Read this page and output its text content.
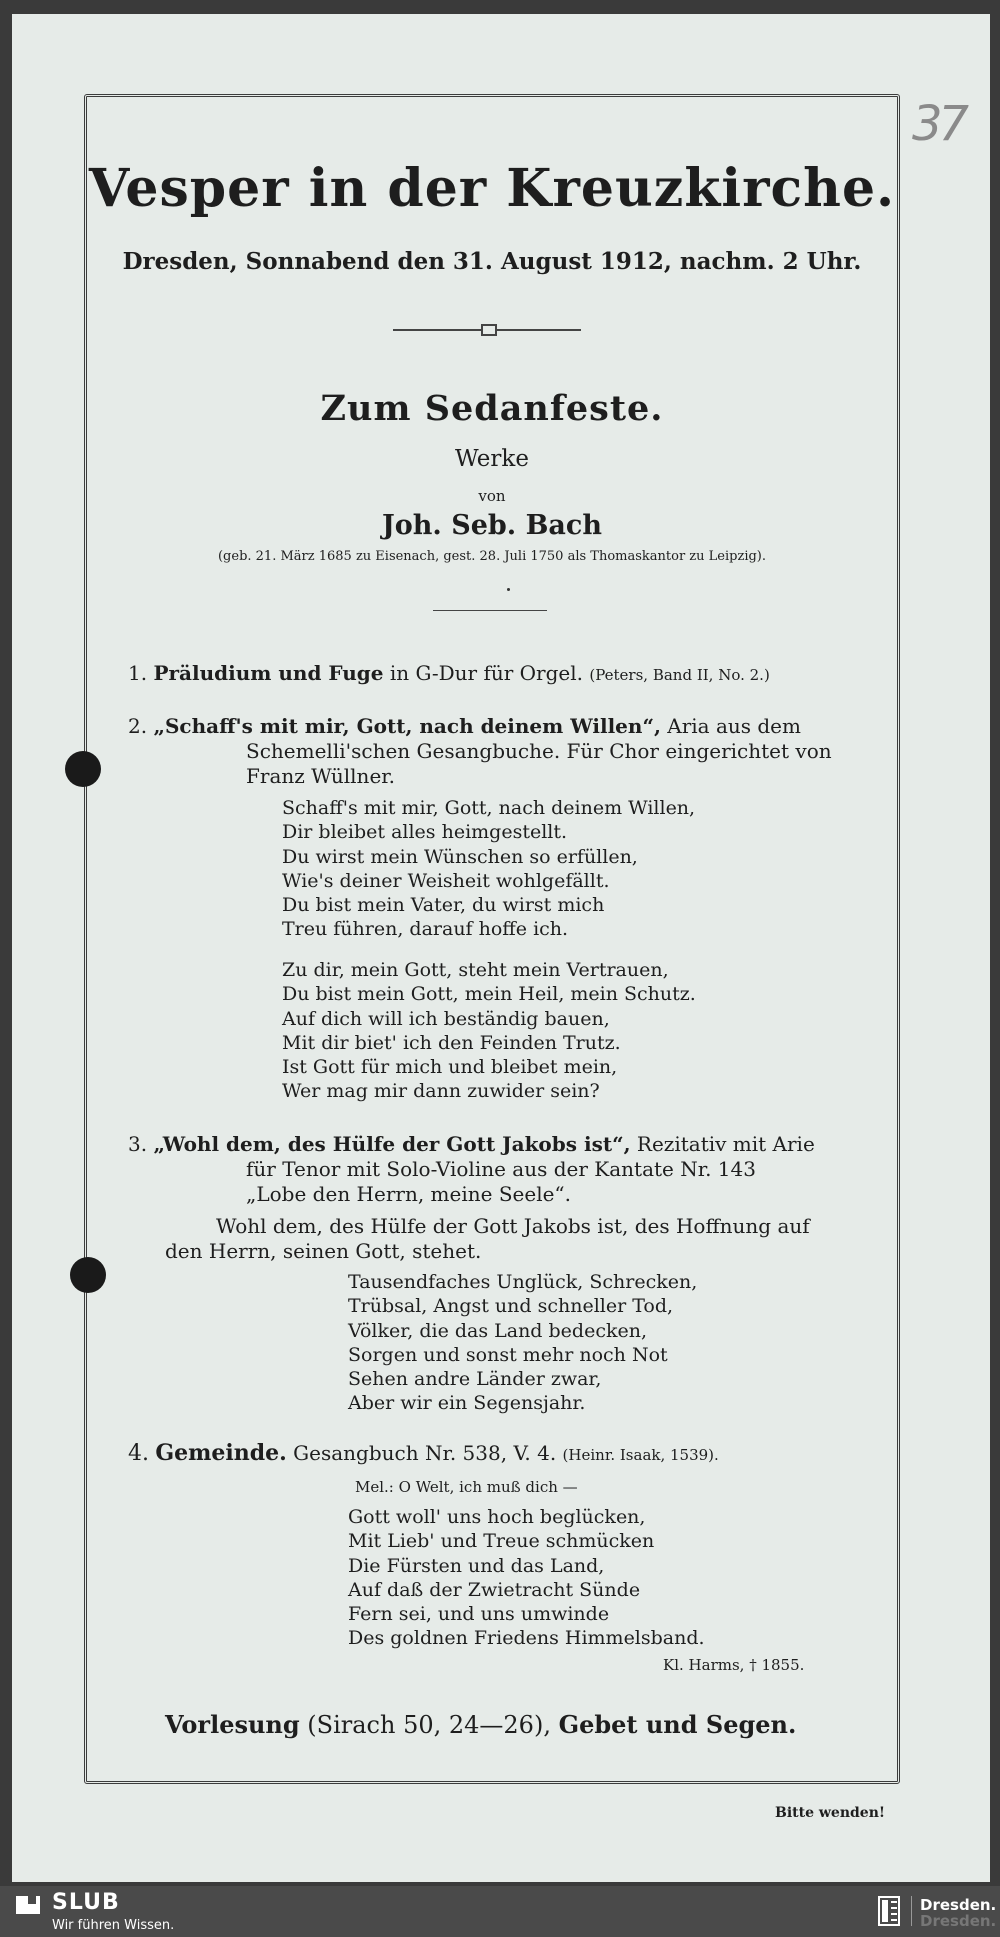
37
Vesper in der Kreuzkirche.
Dresden, Sonnabend den 31. August 1912, nachm. 2 Uhr.
Zum Sedanfeste.
Werke
von
Joh. Seb. Bach
(geb. 21. März 1685 zu Eisenach, gest. 28. Juli 1750 als Thomaskantor zu Leipzig).
1. Präludium und Fuge in G-Dur für Orgel. (Peters, Band II, No. 2.)
2. „Schaff's mit mir, Gott, nach deinem Willen“, Aria aus dem
Schemelli'schen Gesangbuche. Für Chor eingerichtet von
Franz Wüllner.
Schaff's mit mir, Gott, nach deinem Willen,
Dir bleibet alles heimgestellt.
Du wirst mein Wünschen so erfüllen,
Wie's deiner Weisheit wohlgefällt.
Du bist mein Vater, du wirst mich
Treu führen, darauf hoffe ich.
Zu dir, mein Gott, steht mein Vertrauen,
Du bist mein Gott, mein Heil, mein Schutz.
Auf dich will ich beständig bauen,
Mit dir biet' ich den Feinden Trutz.
Ist Gott für mich und bleibet mein,
Wer mag mir dann zuwider sein?
3. „Wohl dem, des Hülfe der Gott Jakobs ist“, Rezitativ mit Arie
für Tenor mit Solo-Violine aus der Kantate Nr. 143
„Lobe den Herrn, meine Seele“.
Wohl dem, des Hülfe der Gott Jakobs ist, des Hoffnung auf
den Herrn, seinen Gott, stehet.
Tausendfaches Unglück, Schrecken,
Trübsal, Angst und schneller Tod,
Völker, die das Land bedecken,
Sorgen und sonst mehr noch Not
Sehen andre Länder zwar,
Aber wir ein Segensjahr.
4. Gemeinde. Gesangbuch Nr. 538, V. 4. (Heinr. Isaak, 1539).
Mel.: O Welt, ich muß dich —
Gott woll' uns hoch beglücken,
Mit Lieb' und Treue schmücken
Die Fürsten und das Land,
Auf daß der Zwietracht Sünde
Fern sei, und uns umwinde
Des goldnen Friedens Himmelsband.
Kl. Harms, † 1855.
Vorlesung (Sirach 50, 24—26), Gebet und Segen.
Bitte wenden!
SLUB
Wir führen Wissen.
Dresden.
Dresden.
